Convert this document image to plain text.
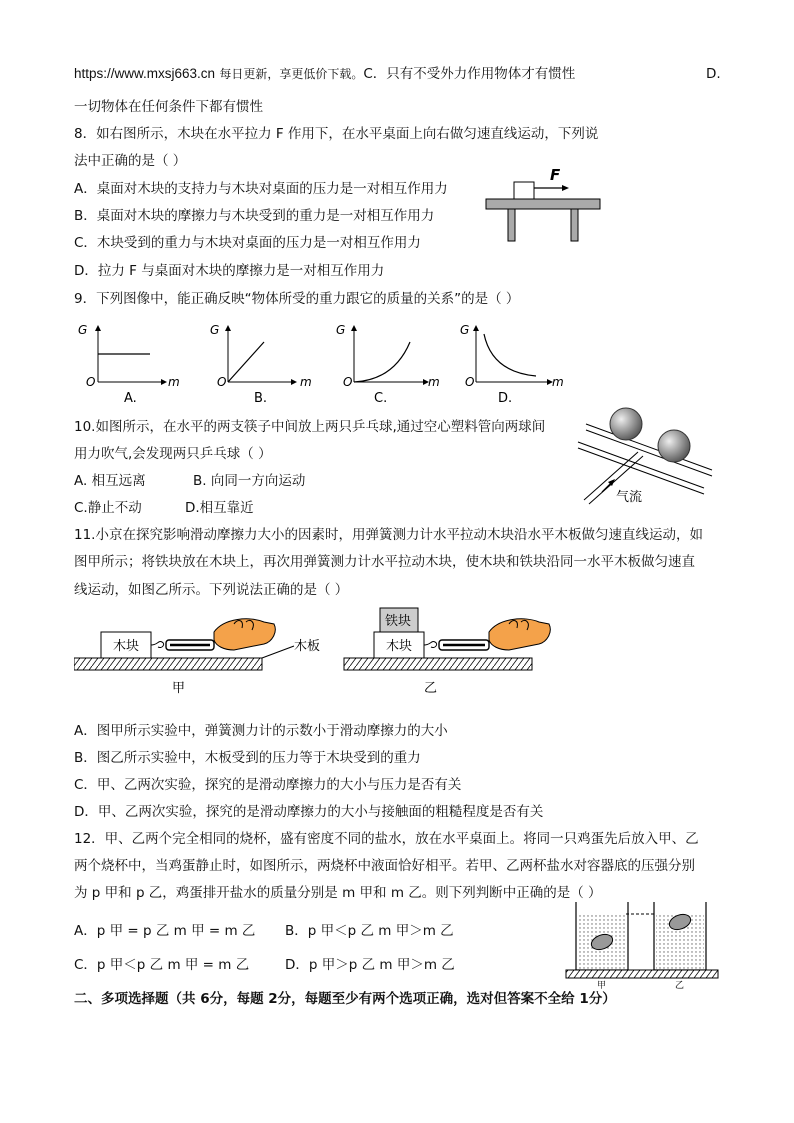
https://www.mxsj663.cn 每日更新，享更低价下载。C．只有不受外力作用物体才有惯性	D.
一切物体在任何条件下都有惯性
8．如右图所示，木块在水平拉力 F 作用下，在水平桌面上向右做匀速直线运动，下列说
法中正确的是（ ）
A．桌面对木块的支持力与木块对桌面的压力是一对相互作用力
B．桌面对木块的摩擦力与木块受到的重力是一对相互作用力
C．木块受到的重力与木块对桌面的压力是一对相互作用力
D．拉力 F 与桌面对木块的摩擦力是一对相互作用力
F
9．下列图像中，能正确反映“物体所受的重力跟它的质量的关系”的是（ ）
G
O	m
A.
G
O	m
B.
G
O	m
C.
G
O	m
D.
10.如图所示，在水平的两支筷子中间放上两只乒乓球,通过空心塑料管向两球间
用力吹气,会发现两只乒乓球（ ）
A. 相互远离	B. 向同一方向运动
C.静止不动	D.相互靠近
气流
11.小京在探究影响滑动摩擦力大小的因素时，用弹簧测力计水平拉动木块沿水平木板做匀速直线运动，如
图甲所示；将铁块放在木块上，再次用弹簧测力计水平拉动木块，使木块和铁块沿同一水平木板做匀速直
线运动，如图乙所示。下列说法正确的是（ ）
木块
甲
木板	木块
铁块
乙
A．图甲所示实验中，弹簧测力计的示数小于滑动摩擦力的大小
B．图乙所示实验中，木板受到的压力等于木块受到的重力
C．甲、乙两次实验，探究的是滑动摩擦力的大小与压力是否有关
D．甲、乙两次实验，探究的是滑动摩擦力的大小与接触面的粗糙程度是否有关
12．甲、乙两个完全相同的烧杯，盛有密度不同的盐水，放在水平桌面上。将同一只鸡蛋先后放入甲、乙
两个烧杯中，当鸡蛋静止时，如图所示，两烧杯中液面恰好相平。若甲、乙两杯盐水对容器底的压强分别
为 p 甲和 p 乙，鸡蛋排开盐水的质量分别是 m 甲和 m 乙。则下列判断中正确的是（ ）
A．p 甲 = p 乙 m 甲 = m 乙 B．p 甲＜p 乙 m 甲＞m 乙
C．p 甲＜p 乙 m 甲 = m 乙	D．p 甲＞p 乙 m 甲＞m 乙
甲	乙
二、多项选择题（共 6分，每题 2分，每题至少有两个选项正确，选对但答案不全给 1分）
